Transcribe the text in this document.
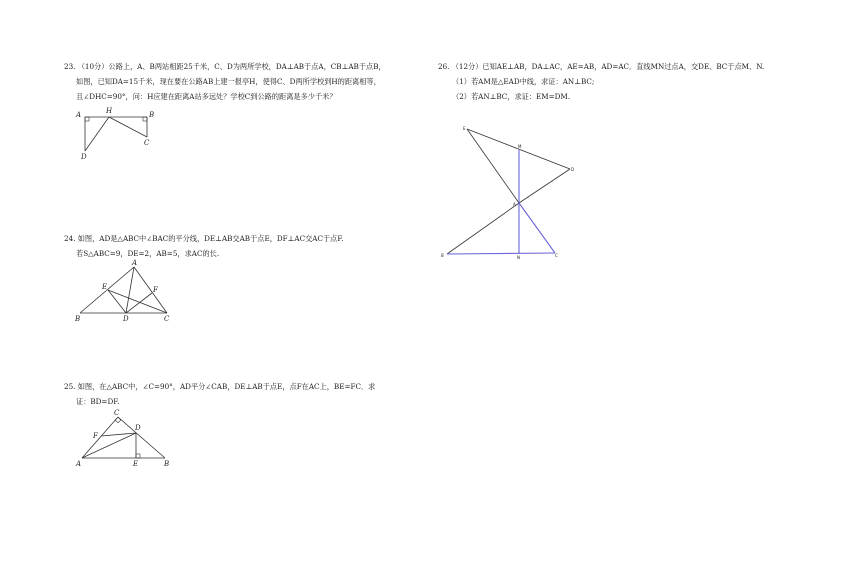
23. （10分）公路上，A、B两站相距25千米，C、D为两所学校，DA⊥AB于点A，CB⊥AB于点B，
如图，已知DA=15千米，现在要在公路AB上建一报亭H，使得C、D两所学校到H的距离相等，
且∠DHC=90°，问：H应建在距离A站多远处？学校C到公路的距离是多少千米？
A	H	B
D
C
24. 如图，AD是△ABC中∠BAC的平分线，DE⊥AB交AB于点E，DF⊥AC交AC于点F.
若S△ABC=9，DE=2，AB=5，求AC的长.
A
E	F
B	D	C
25. 如图，在△ABC中，∠C=90°，AD平分∠CAB，DE⊥AB于点E，点F在AC上，BE=FC．求
证：BD=DF.
C
F
D
A	E	B
26. （12分）已知AE⊥AB，DA⊥AC，AE=AB，AD=AC．直线MN过点A，交DE、BC于点M、N.
（1）若AM是△EAD中线，求证：AN⊥BC;
（2）若AN⊥BC，求证：EM=DM.
E
M
D
A
B	N	C
